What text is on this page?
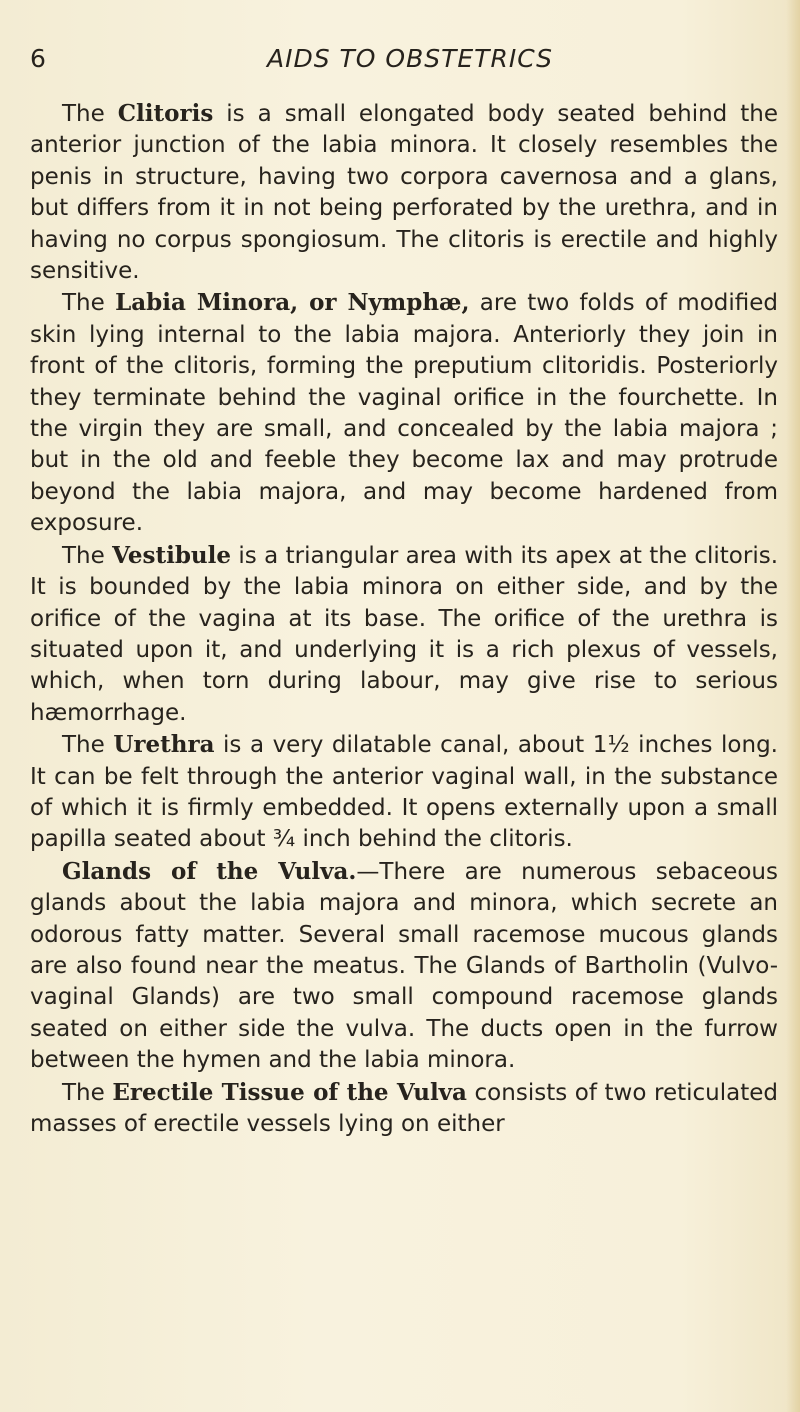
6	AIDS TO OBSTETRICS

The Clitoris is a small elongated body seated behind the anterior junction of the labia minora. It closely resembles the penis in structure, having two corpora cavernosa and a glans, but differs from it in not being perforated by the urethra, and in having no corpus spongiosum. The clitoris is erectile and highly sensitive.

The Labia Minora, or Nymphæ, are two folds of modified skin lying internal to the labia majora. Anteriorly they join in front of the clitoris, forming the preputium clitoridis. Posteriorly they terminate behind the vaginal orifice in the fourchette. In the virgin they are small, and concealed by the labia majora ; but in the old and feeble they become lax and may protrude beyond the labia majora, and may become hardened from exposure.

The Vestibule is a triangular area with its apex at the clitoris. It is bounded by the labia minora on either side, and by the orifice of the vagina at its base. The orifice of the urethra is situated upon it, and underlying it is a rich plexus of vessels, which, when torn during labour, may give rise to serious hæmorrhage.

The Urethra is a very dilatable canal, about 1½ inches long. It can be felt through the anterior vaginal wall, in the substance of which it is firmly embedded. It opens externally upon a small papilla seated about ¾ inch behind the clitoris.

Glands of the Vulva.—There are numerous sebaceous glands about the labia majora and minora, which secrete an odorous fatty matter. Several small racemose mucous glands are also found near the meatus. The Glands of Bartholin (Vulvo-vaginal Glands) are two small compound racemose glands seated on either side the vulva. The ducts open in the furrow between the hymen and the labia minora.

The Erectile Tissue of the Vulva consists of two reticulated masses of erectile vessels lying on either
